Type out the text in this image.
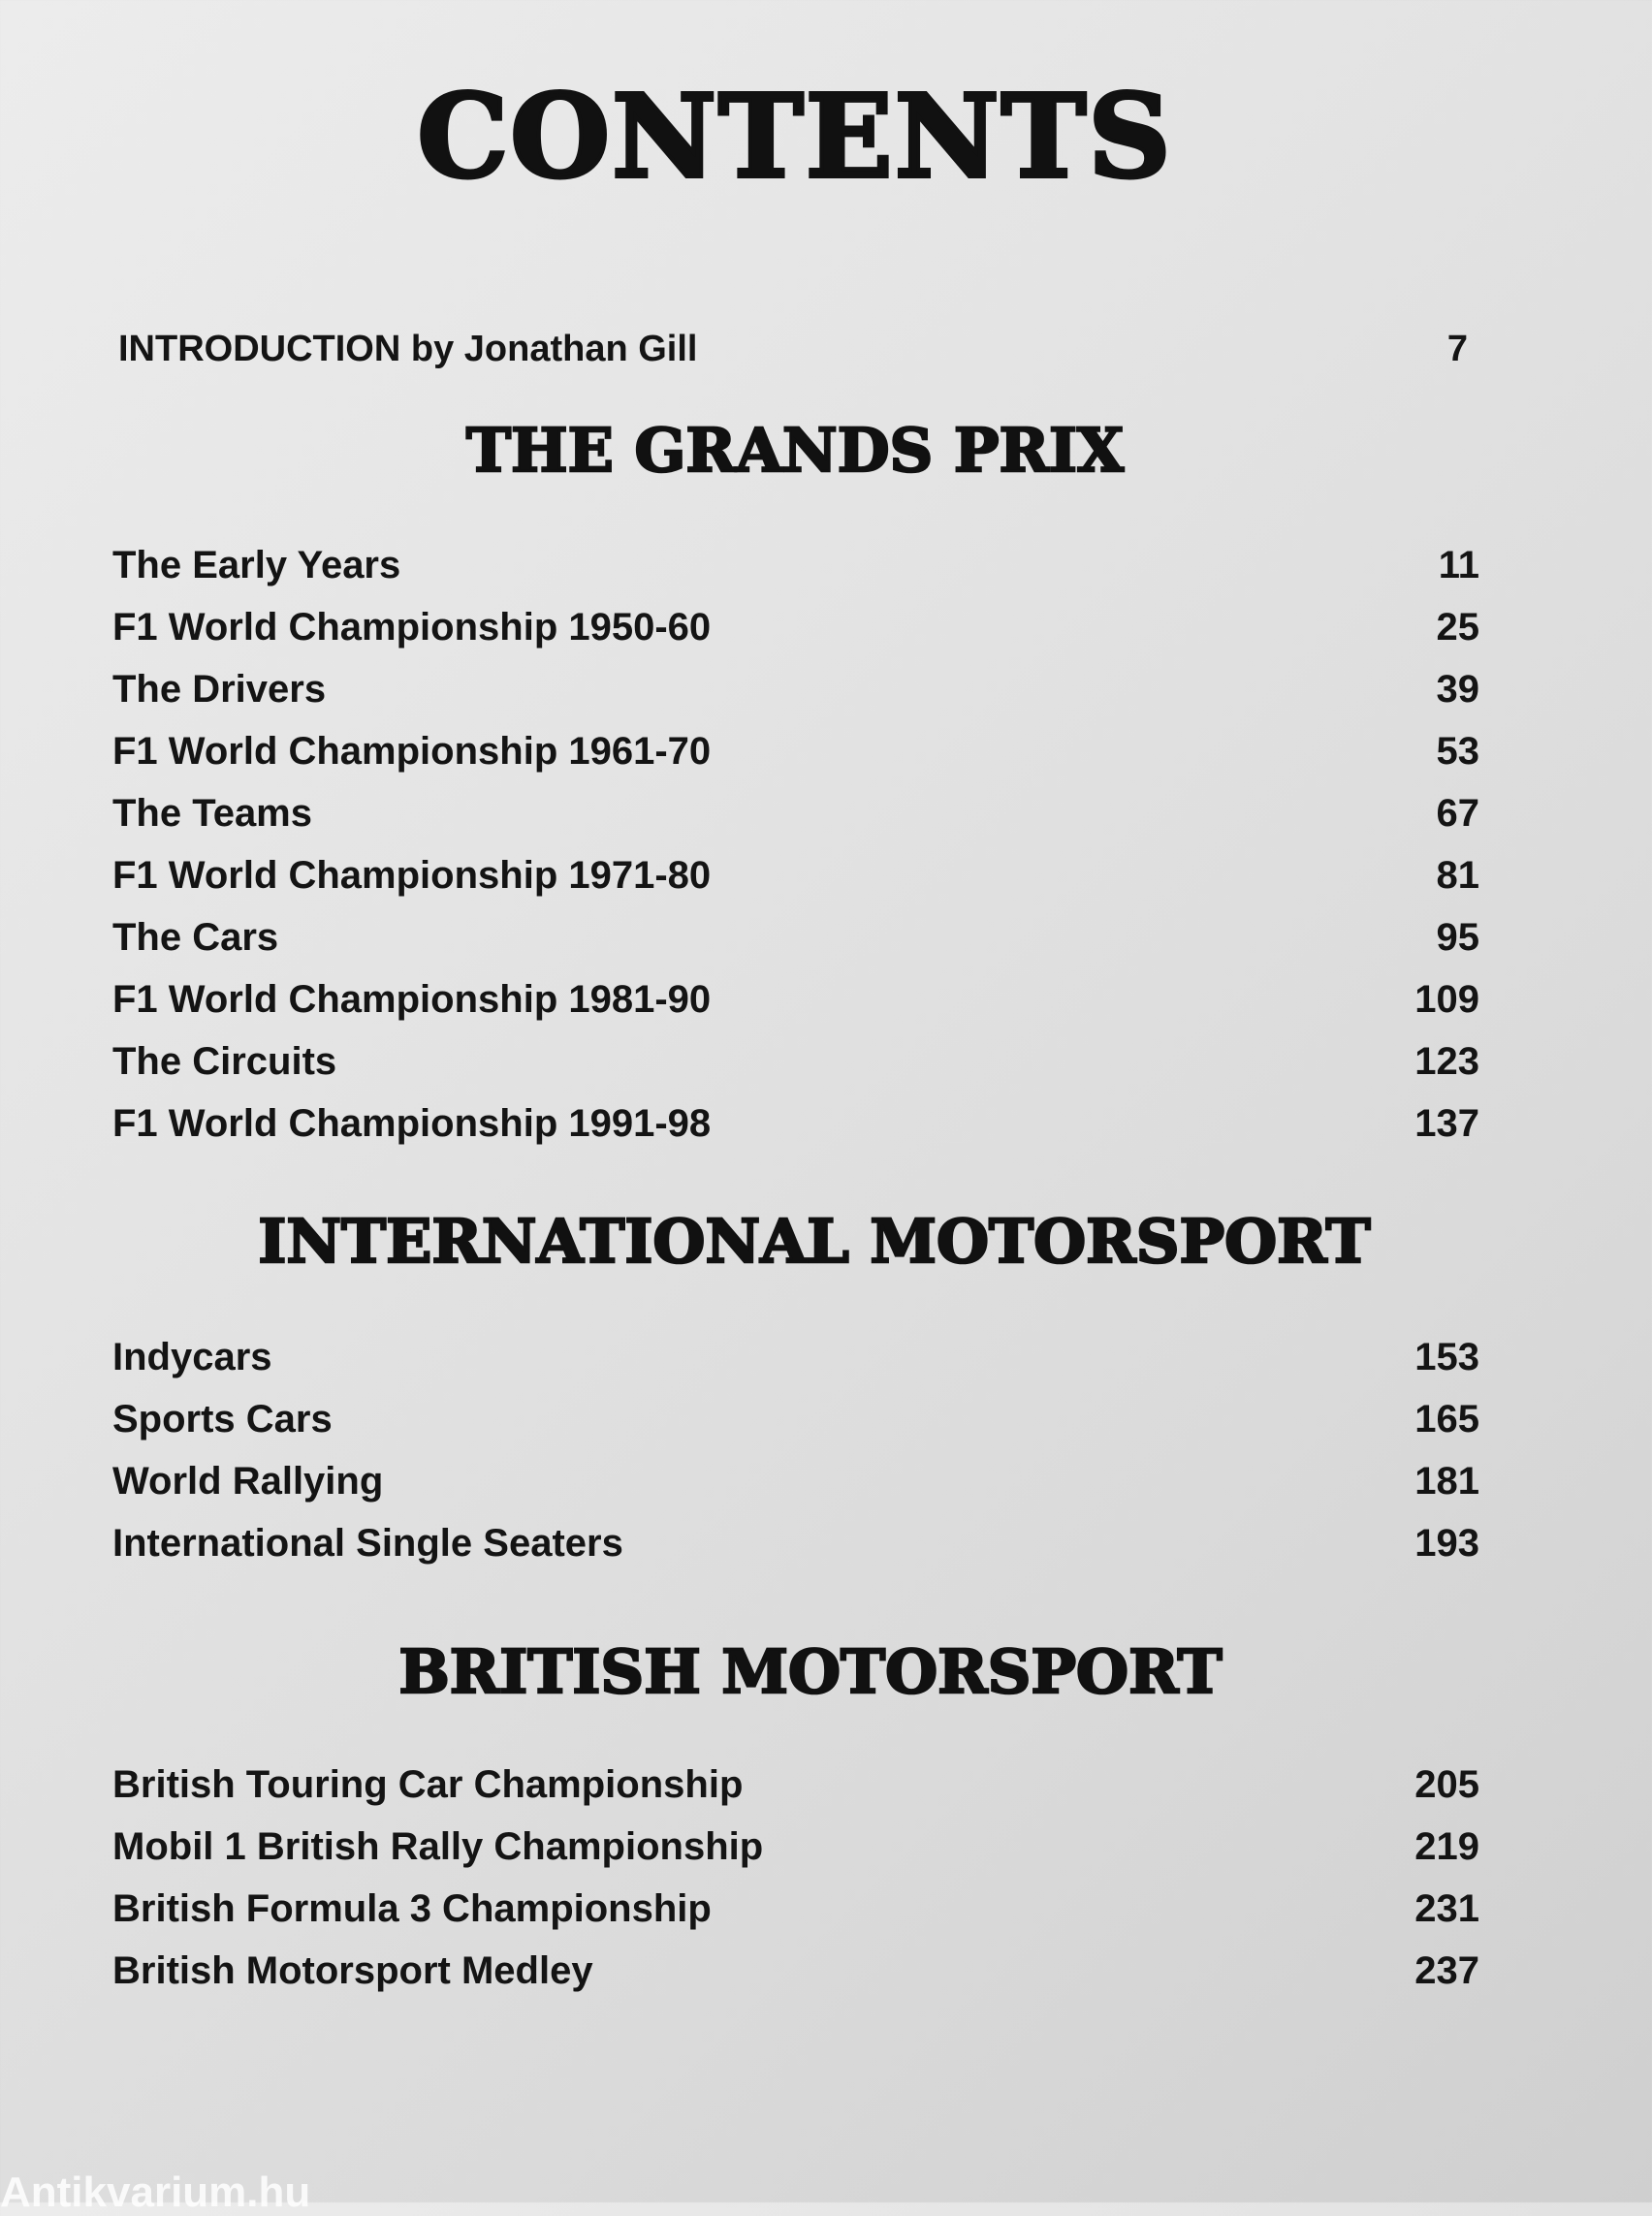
CONTENTS
INTRODUCTION by Jonathan Gill	7
THE GRANDS PRIX
The Early Years	11
F1 World Championship 1950-60	25
The Drivers	39
F1 World Championship 1961-70	53
The Teams	67
F1 World Championship 1971-80	81
The Cars	95
F1 World Championship 1981-90	109
The Circuits	123
F1 World Championship 1991-98	137
INTERNATIONAL MOTORSPORT
Indycars	153
Sports Cars	165
World Rallying	181
International Single Seaters	193
BRITISH MOTORSPORT
British Touring Car Championship	205
Mobil 1 British Rally Championship	219
British Formula 3 Championship	231
British Motorsport Medley	237
Antikvarium.hu
